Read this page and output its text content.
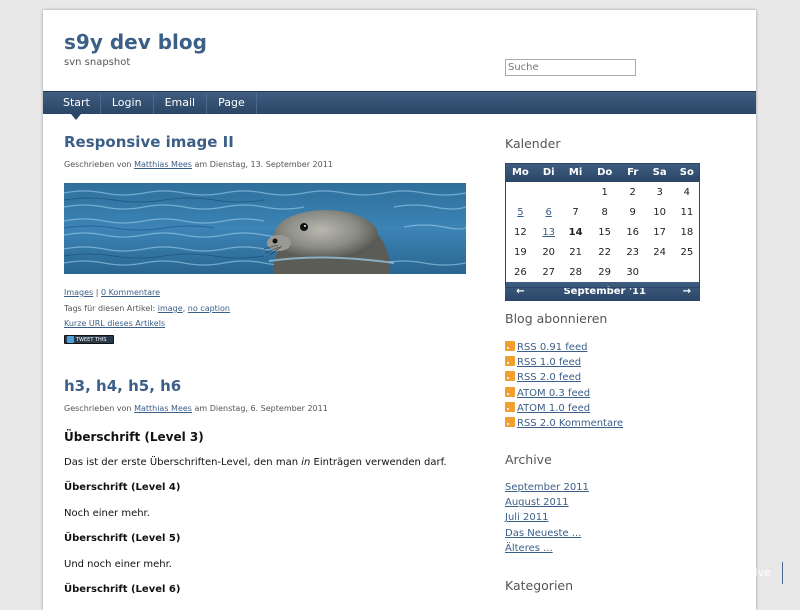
s9y dev blog
svn snapshot
Suche
Start	Login	Email	Page
Archive
Responsive image II
Geschrieben von Matthias Mees am Dienstag, 13. September 2011
Images | 0 Kommentare
Tags für diesen Artikel: image, no caption
Kurze URL dieses Artikels
TWEET THIS
h3, h4, h5, h6
Geschrieben von Matthias Mees am Dienstag, 6. September 2011
Überschrift (Level 3)
Das ist der erste Überschriften-Level, den man in Einträgen verwenden darf.
Überschrift (Level 4)
Noch einer mehr.
Überschrift (Level 5)
Und noch einer mehr.
Überschrift (Level 6)
Kalender
Mo	Di	Mi	Do	Fr	Sa	So
			1	2	3	4
5	6	7	8	9	10	11
12	13	14	15	16	17	18
19	20	21	22	23	24	25
26	27	28	29	30		
←	September '11					→
Blog abonnieren
RSS 0.91 feed
RSS 1.0 feed
RSS 2.0 feed
ATOM 0.3 feed
ATOM 1.0 feed
RSS 2.0 Kommentare
Archive
September 2011
August 2011
Juli 2011
Das Neueste ...
Älteres ...
Kategorien
